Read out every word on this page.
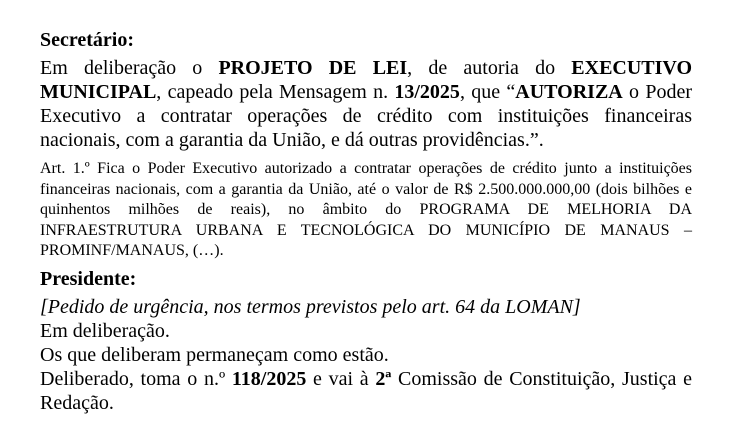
Secretário:

Em deliberação o PROJETO DE LEI, de autoria do EXECUTIVO MUNICIPAL, capeado pela Mensagem n. 13/2025, que “AUTORIZA o Poder Executivo a contratar operações de crédito com instituições financeiras nacionais, com a garantia da União, e dá outras providências.”.

Art. 1.º Fica o Poder Executivo autorizado a contratar operações de crédito junto a instituições financeiras nacionais, com a garantia da União, até o valor de R$ 2.500.000.000,00 (dois bilhões e quinhentos milhões de reais), no âmbito do PROGRAMA DE MELHORIA DA INFRAESTRUTURA URBANA E TECNOLÓGICA DO MUNICÍPIO DE MANAUS – PROMINF/MANAUS, (…).

Presidente:
[Pedido de urgência, nos termos previstos pelo art. 64 da LOMAN]
Em deliberação.
Os que deliberam permaneçam como estão.

Deliberado, toma o n.º 118/2025 e vai à 2ª Comissão de Constituição, Justiça e Redação.
